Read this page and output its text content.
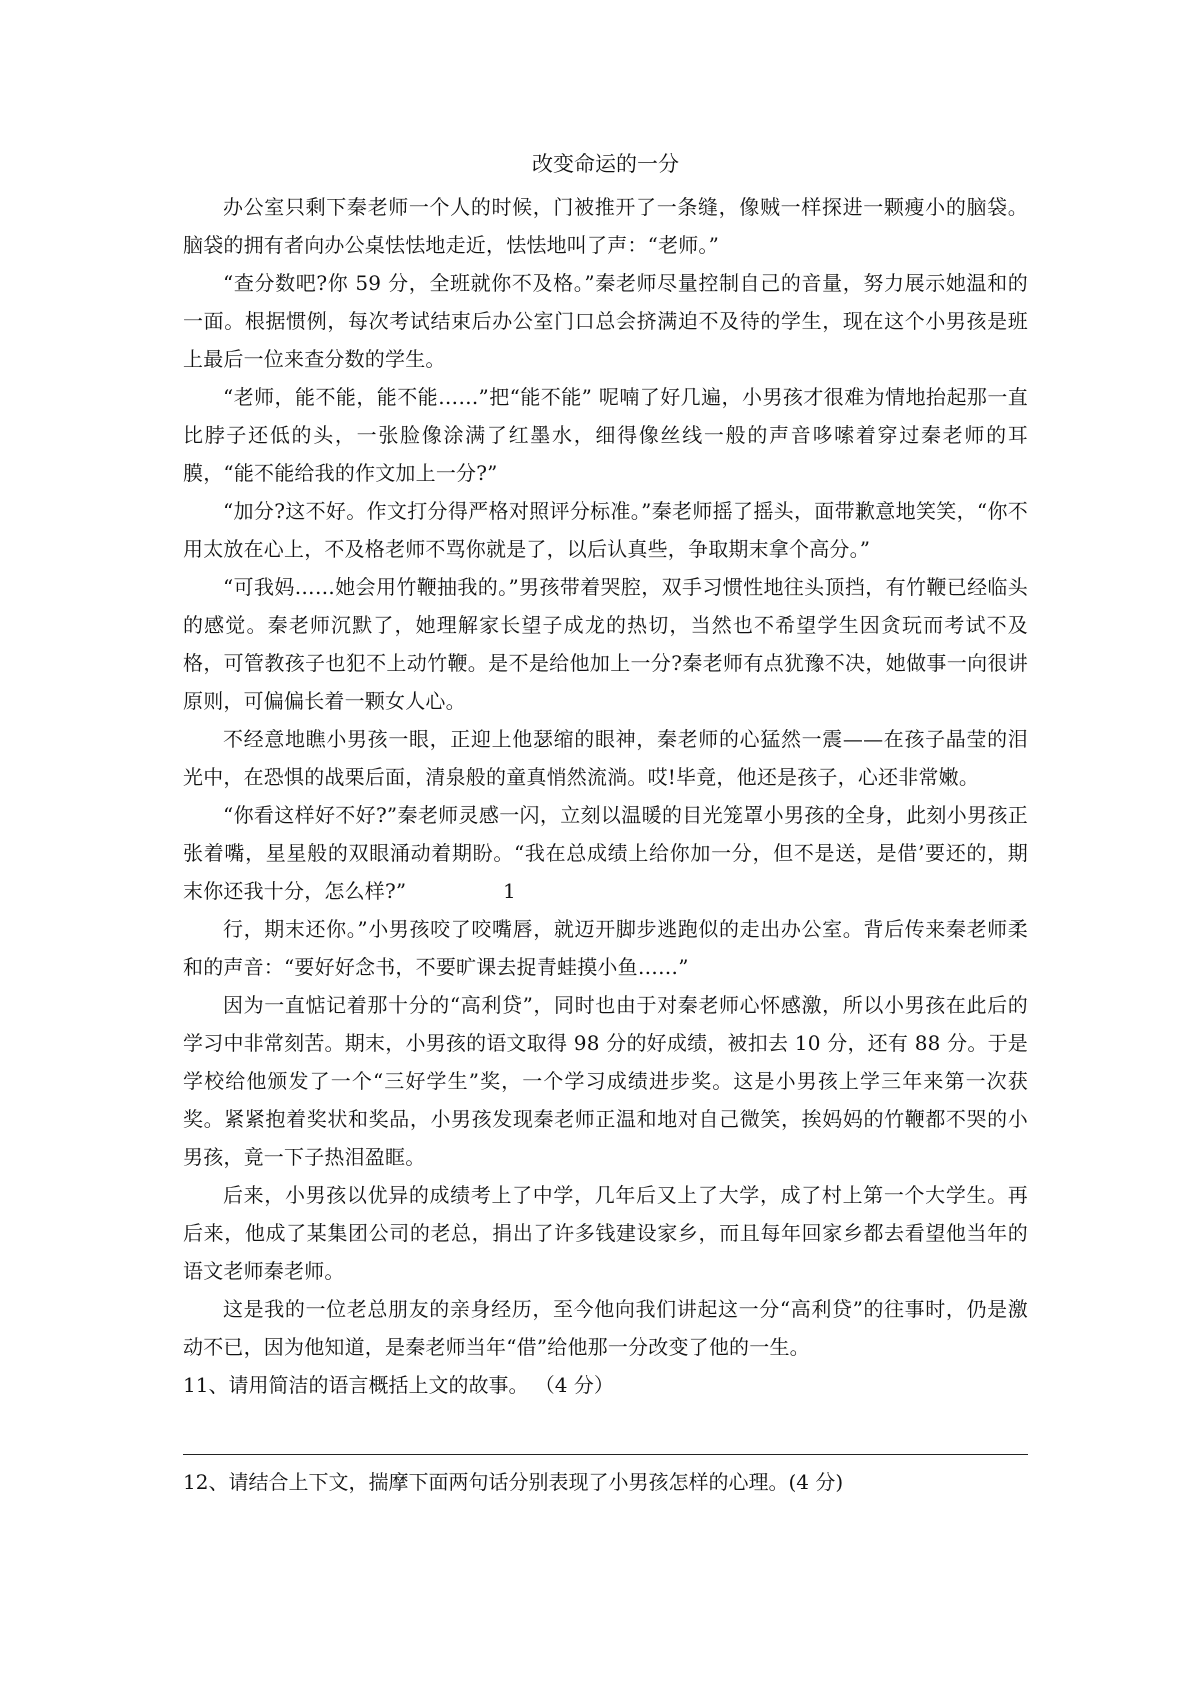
改变命运的一分

办公室只剩下秦老师一个人的时候，门被推开了一条缝，像贼一样探进一颗瘦小的脑袋。脑袋的拥有者向办公桌怯怯地走近，怯怯地叫了声：“老师。”

“查分数吧?你 59 分，全班就你不及格。”秦老师尽量控制自己的音量，努力展示她温和的一面。根据惯例，每次考试结束后办公室门口总会挤满迫不及待的学生，现在这个小男孩是班上最后一位来查分数的学生。

“老师，能不能，能不能……”把“能不能” 呢喃了好几遍，小男孩才很难为情地抬起那一直比脖子还低的头，一张脸像涂满了红墨水，细得像丝线一般的声音哆嗦着穿过秦老师的耳膜，“能不能给我的作文加上一分?”

“加分?这不好。作文打分得严格对照评分标准。”秦老师摇了摇头，面带歉意地笑笑，“你不用太放在心上，不及格老师不骂你就是了，以后认真些，争取期末拿个高分。”

“可我妈……她会用竹鞭抽我的。”男孩带着哭腔，双手习惯性地往头顶挡，有竹鞭已经临头的感觉。秦老师沉默了，她理解家长望子成龙的热切，当然也不希望学生因贪玩而考试不及格，可管教孩子也犯不上动竹鞭。是不是给他加上一分?秦老师有点犹豫不决，她做事一向很讲原则，可偏偏长着一颗女人心。

不经意地瞧小男孩一眼，正迎上他瑟缩的眼神，秦老师的心猛然一震——在孩子晶莹的泪光中，在恐惧的战栗后面，清泉般的童真悄然流淌。哎!毕竟，他还是孩子，心还非常嫩。

“你看这样好不好?”秦老师灵感一闪，立刻以温暖的目光笼罩小男孩的全身，此刻小男孩正张着嘴，星星般的双眼涌动着期盼。“我在总成绩上给你加一分，但不是送，是借’要还的，期末你还我十分，怎么样?”	1

行，期末还你。”小男孩咬了咬嘴唇，就迈开脚步逃跑似的走出办公室。背后传来秦老师柔和的声音：“要好好念书，不要旷课去捉青蛙摸小鱼……”

因为一直惦记着那十分的“高利贷”，同时也由于对秦老师心怀感激，所以小男孩在此后的学习中非常刻苦。期末，小男孩的语文取得 98 分的好成绩，被扣去 10 分，还有 88 分。于是学校给他颁发了一个“三好学生”奖，一个学习成绩进步奖。这是小男孩上学三年来第一次获奖。紧紧抱着奖状和奖品，小男孩发现秦老师正温和地对自己微笑，挨妈妈的竹鞭都不哭的小男孩，竟一下子热泪盈眶。

后来，小男孩以优异的成绩考上了中学，几年后又上了大学，成了村上第一个大学生。再后来，他成了某集团公司的老总，捐出了许多钱建设家乡，而且每年回家乡都去看望他当年的语文老师秦老师。

这是我的一位老总朋友的亲身经历，至今他向我们讲起这一分“高利贷”的往事时，仍是激动不已，因为他知道，是秦老师当年“借”给他那一分改变了他的一生。

11、请用简洁的语言概括上文的故事。 （4 分）

12、请结合上下文，揣摩下面两句话分别表现了小男孩怎样的心理。(4 分)
